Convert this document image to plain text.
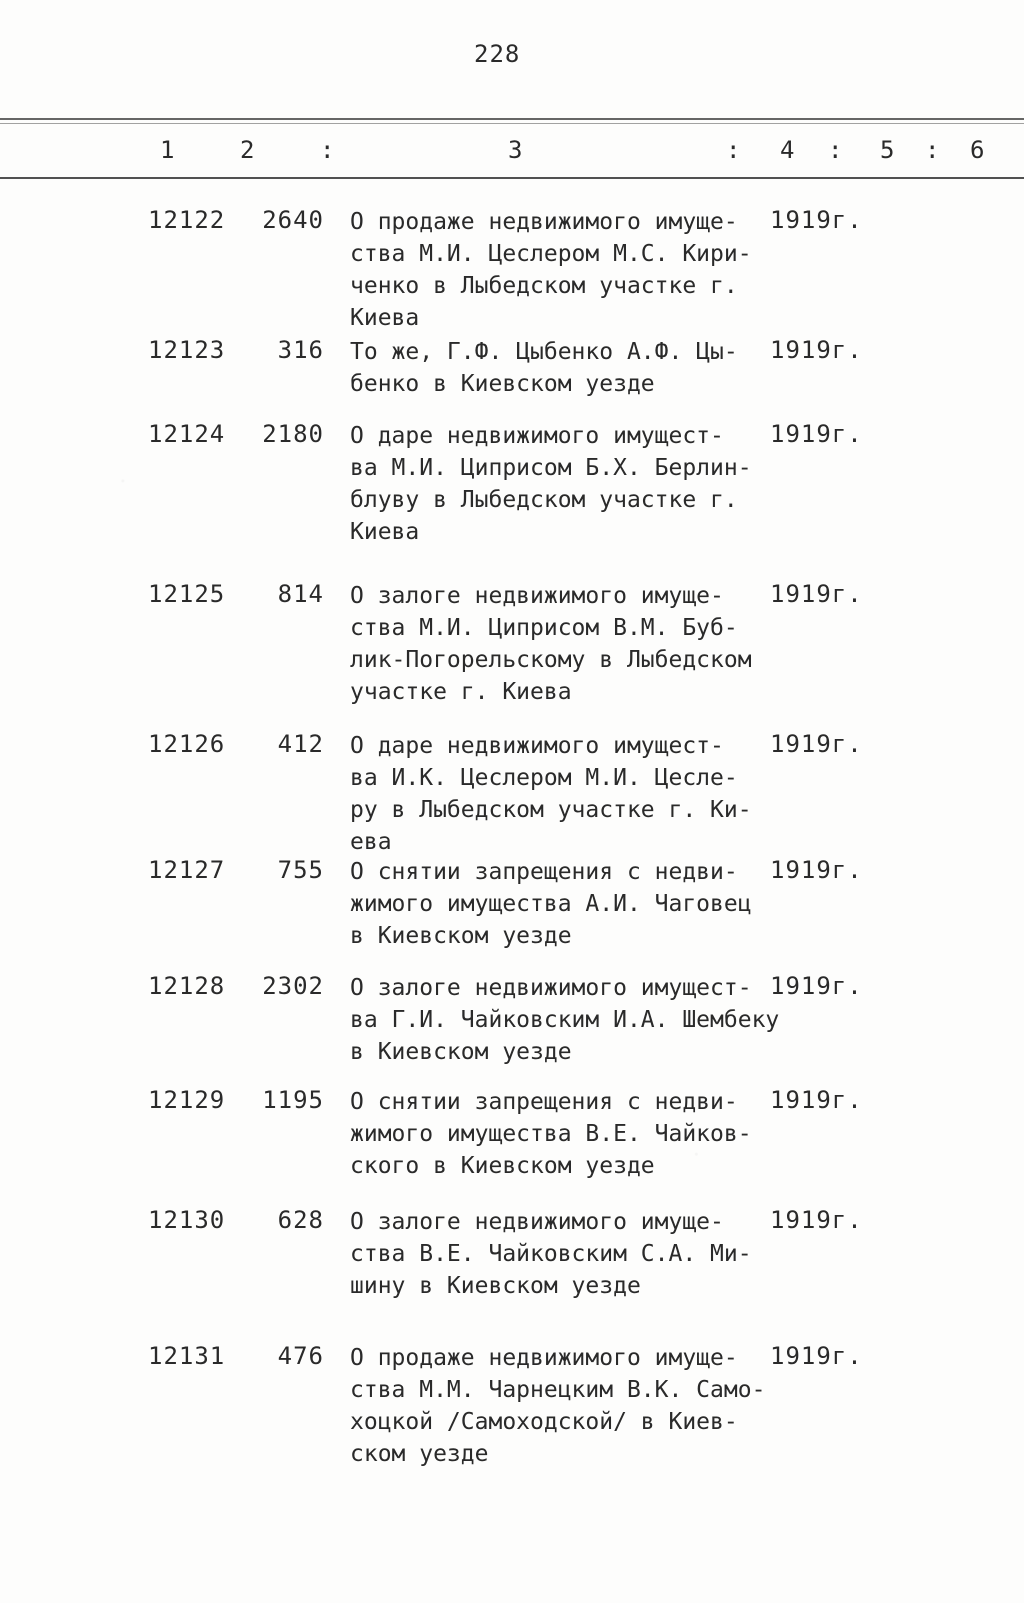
228
1	2	:	3	: 4 : 5 : 6
12122 2640 О продаже недвижимого имуще-
ства М.И. Цеслером М.С. Кири-
ченко в Лыбедском участке г.
Киева
1919г.
12123 316 То же, Г.Ф. Цыбенко А.Ф. Цы-
бенко в Киевском уезде
1919г.
12124 2180 О даре недвижимого имущест-
ва М.И. Циприсом Б.Х. Берлин-
блуву в Лыбедском участке г.
Киева
1919г.
12125 814 О залоге недвижимого имуще-
ства М.И. Циприсом В.М. Буб-
лик-Погорельскому в Лыбедском
участке г. Киева
1919г.
12126 412 О даре недвижимого имущест-
ва И.К. Цеслером М.И. Цесле-
ру в Лыбедском участке г. Ки-
ева
1919г.
12127 755 О снятии запрещения с недви-
жимого имущества А.И. Чаговец
в Киевском уезде
1919г.
12128 2302 О залоге недвижимого имущест-
ва Г.И. Чайковским И.А. Шембеку
в Киевском уезде
1919г.
12129 1195 О снятии запрещения с недви-
жимого имущества В.Е. Чайков-
ского в Киевском уезде
1919г.
12130 628 О залоге недвижимого имуще-
ства В.Е. Чайковским С.А. Ми-
шину в Киевском уезде
1919г.
12131 476 О продаже недвижимого имуще-
ства М.М. Чарнецким В.К. Само-
хоцкой /Самоходской/ в Киев-
ском уезде
1919г.
